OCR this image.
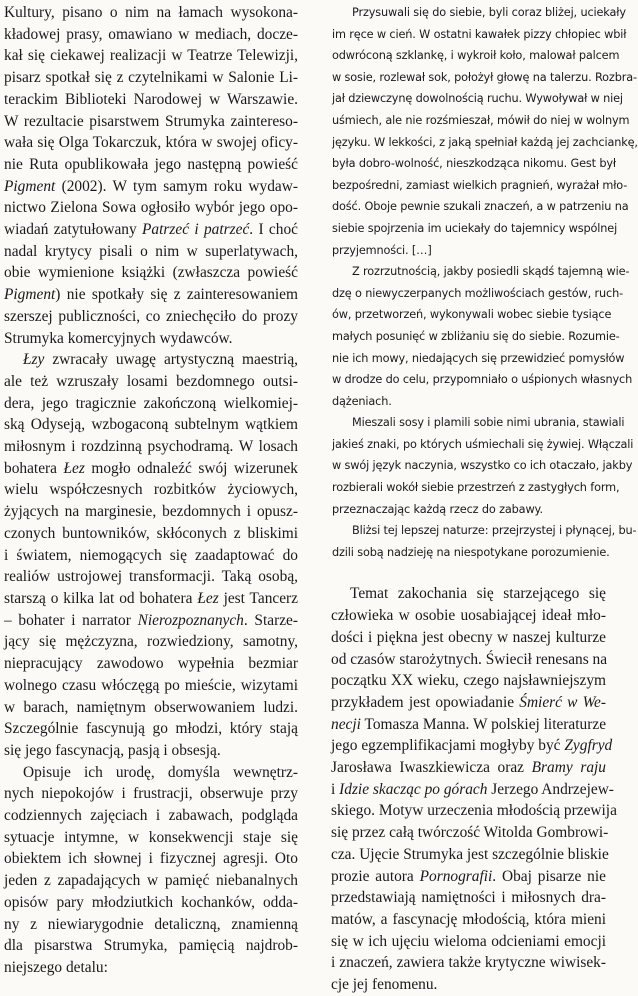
Kultury, pisano o nim na łamach wysokona-
kładowej prasy, omawiano w mediach, docze-
kał się ciekawej realizacji w Teatrze Telewizji,
pisarz spotkał się z czytelnikami w Salonie Li-
terackim Biblioteki Narodowej w Warszawie.

W rezultacie pisarstwem Strumyka zaintereso-
wała się Olga Tokarczuk, która w swojej oficy-
nie Ruta opublikowała jego następną powieść
Pigment (2002). W tym samym roku wydaw-
nictwo Zielona Sowa ogłosiło wybór jego opo-
wiadań zatytułowany Patrzeć i patrzeć. I choć
nadal krytycy pisali o nim w superlatywach,
obie wymienione książki (zwłaszcza powieść
Pigment) nie spotkały się z zainteresowaniem
szerszej publiczności, co zniechęciło do prozy
Strumyka komercyjnych wydawców.

Łzy zwracały uwagę artystyczną maestrią,
ale też wzruszały losami bezdomnego outsi-
dera, jego tragicznie zakończoną wielkomiej-
ską Odyseją, wzbogaconą subtelnym wątkiem
miłosnym i rozdzinną psychodramą. W losach
bohatera Łez mogło odnaleźć swój wizerunek
wielu współczesnych rozbitków życiowych,
żyjących na marginesie, bezdomnych i opusz-
czonych buntowników, skłóconych z bliskimi
i światem, niemogących się zaadaptować do
realiów ustrojowej transformacji. Taką osobą,
starszą o kilka lat od bohatera Łez jest Tancerz
– bohater i narrator Nierozpoznanych. Starze-
jący się mężczyzna, rozwiedziony, samotny,
niepracujący zawodowo wypełnia bezmiar
wolnego czasu włóczęgą po mieście, wizytami
w barach, namiętnym obserwowaniem ludzi.
Szczególnie fascynują go młodzi, który stają
się jego fascynacją, pasją i obsesją.

Opisuje ich urodę, domyśla wewnętrz-
nych niepokojów i frustracji, obserwuje przy
codziennych zajęciach i zabawach, podgląda
sytuacje intymne, w konsekwencji staje się
obiektem ich słownej i fizycznej agresji. Oto
jeden z zapadających w pamięć niebanalnych
opisów pary młodziutkich kochanków, odda-
ny z niewiarygodnie detaliczną, znamienną
dla pisarstwa Strumyka, pamięcią najdrob-
niejszego detalu:

Przysuwali się do siebie, byli coraz bliżej, uciekały
im ręce w cień. W ostatni kawałek pizzy chłopiec wbił
odwróconą szklankę, i wykroił koło, malował palcem
w sosie, rozlewał sok, położył głowę na talerzu. Rozbra-
jał dziewczynę dowolnością ruchu. Wywoływał w niej
uśmiech, ale nie rozśmieszał, mówił do niej w wolnym
języku. W lekkości, z jaką spełniał każdą jej zachciankę,
była dobro-wolność, nieszkodząca nikomu. Gest był
bezpośredni, zamiast wielkich pragnień, wyrażał mło-
dość. Oboje pewnie szukali znaczeń, a w patrzeniu na
siebie spojrzenia im uciekały do tajemnicy wspólnej
przyjemności. […]

Z rozrzutnością, jakby posiedli skądś tajemną wie-
dzę o niewyczerpanych możliwościach gestów, ruch-
ów, przetworzeń, wykonywali wobec siebie tysiące
małych posunięć w zbliżaniu się do siebie. Rozumie-
nie ich mowy, niedających się przewidzieć pomysłów
w drodze do celu, przypomniało o uśpionych własnych
dążeniach.

Mieszali sosy i plamili sobie nimi ubrania, stawiali
jakieś znaki, po których uśmiechali się żywiej. Włączali
w swój język naczynia, wszystko co ich otaczało, jakby
rozbierali wokół siebie przestrzeń z zastygłych form,
przeznaczając każdą rzecz do zabawy.

Bliżsi tej lepszej naturze: przejrzystej i płynącej, bu-
dzili sobą nadzieję na niespotykane porozumienie.

Temat zakochania się starzejącego się
człowieka w osobie uosabiającej ideał mło-
dości i piękna jest obecny w naszej kulturze
od czasów starożytnych. Świecił renesans na
początku XX wieku, czego najsławniejszym
przykładem jest opowiadanie Śmierć w We-
necji Tomasza Manna. W polskiej literaturze
jego egzemplifikacjami mogłyby być Zygfryd
Jarosława Iwaszkiewicza oraz Bramy raju
i Idzie skacząc po górach Jerzego Andrzejew-
skiego. Motyw urzeczenia młodością przewija
się przez całą twórczość Witolda Gombrowi-
cza. Ujęcie Strumyka jest szczególnie bliskie
prozie autora Pornografii. Obaj pisarze nie
przedstawiają namiętności i miłosnych dra-
matów, a fascynację młodością, która mieni
się w ich ujęciu wieloma odcieniami emocji
i znaczeń, zawiera także krytyczne wiwisek-
cje jej fenomenu.
